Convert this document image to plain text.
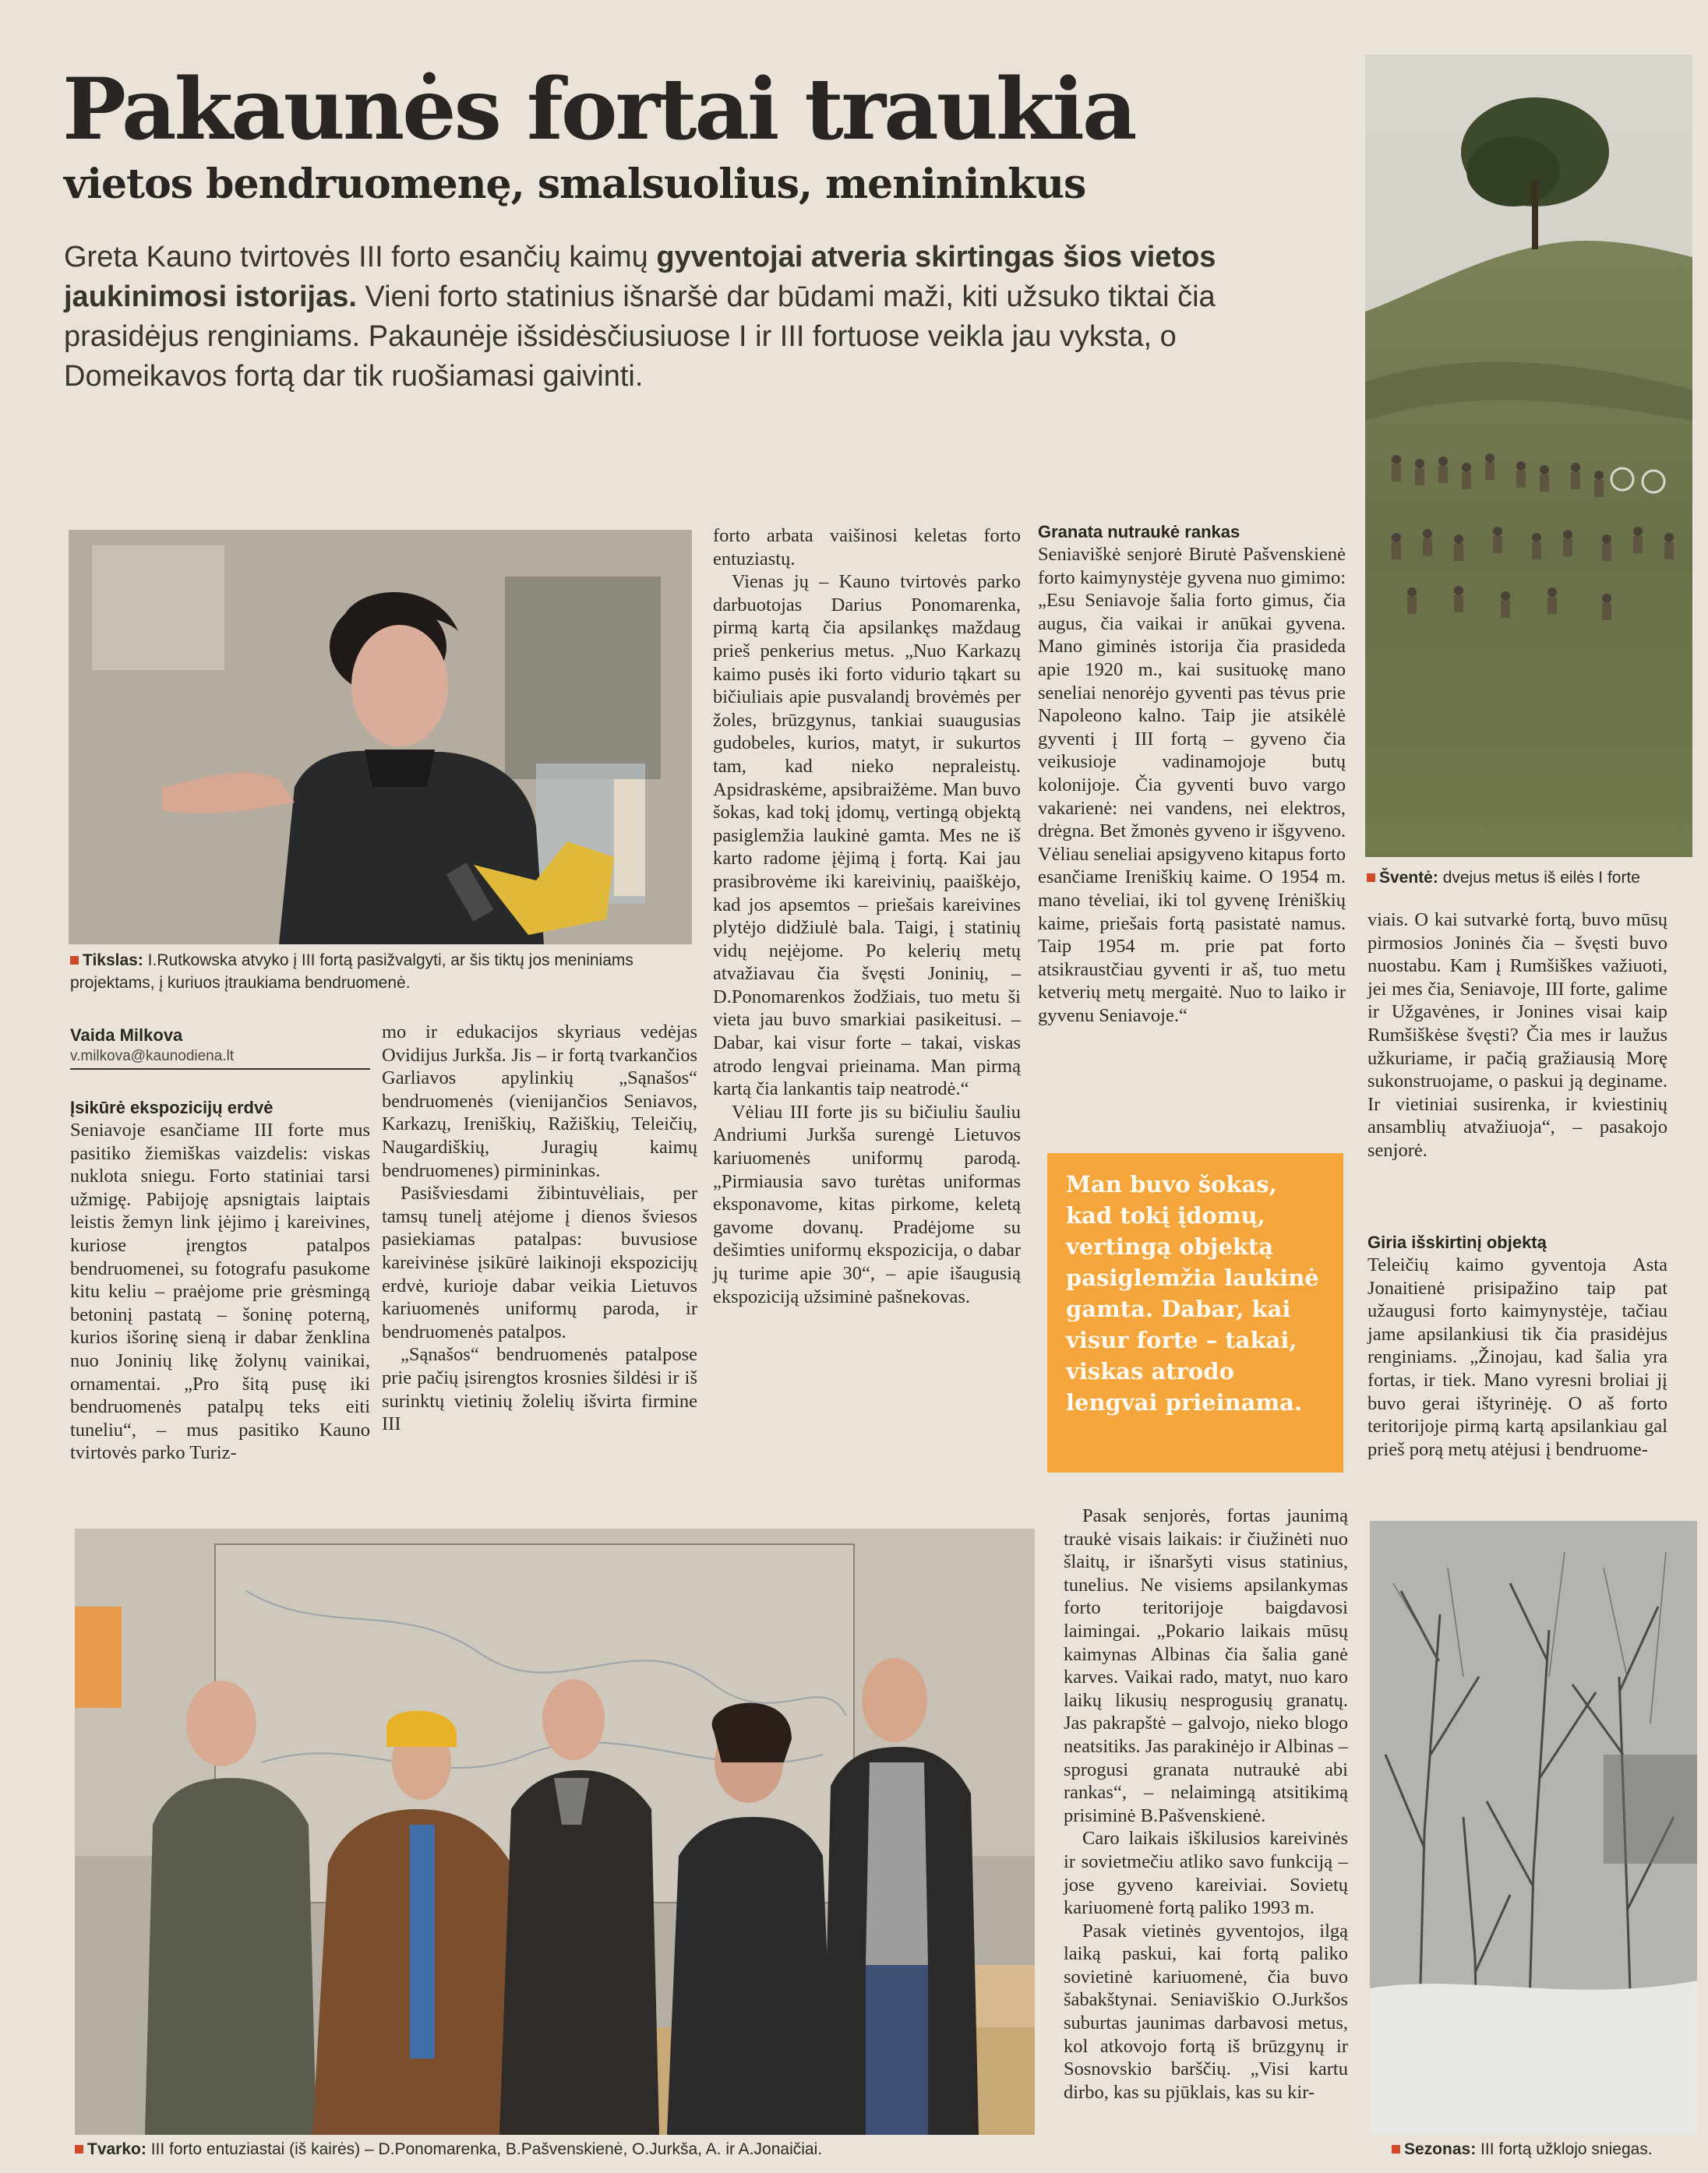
Pakaunės fortai traukia
vietos bendruomenę, smalsuolius, menininkus
Greta Kauno tvirtovės III forto esančių kaimų gyventojai atveria skirtingas šios vietos jaukinimosi istorijas. Vieni forto statinius išnaršė dar būdami maži, kiti užsuko tiktai čia prasidėjus renginiams. Pakaunėje išsidėsčiusiuose I ir III fortuose veikla jau vyksta, o Domeikavos fortą dar tik ruošiamasi gaivinti.
Šventė: dvejus metus iš eilės I forte
Tikslas: I.Rutkowska atvyko į III fortą pasižvalgyti, ar šis tiktų jos meniniams projektams, į kuriuos įtraukiama bendruomenė.
Vaida Milkova
v.milkova@kaunodiena.lt
Įsikūrė ekspozicijų erdvė

Seniavoje esančiame III forte mus pasitiko žiemiškas vaizdelis: viskas nuklota sniegu. Forto statiniai tarsi užmigę. Pabijoję apsnigtais laiptais leistis žemyn link įėjimo į kareivines, kuriose įrengtos patalpos bendruomenei, su fotografu pasukome kitu keliu – praėjome prie grėsmingą betoninį pastatą – šoninę poterną, kurios išorinę sieną ir dabar ženklina nuo Joninių likę žolynų vainikai, ornamentai. „Pro šitą pusę iki bendruomenės patalpų teks eiti tuneliu“, – mus pasitiko Kauno tvirtovės parko Turiz-

mo ir edukacijos skyriaus vedėjas Ovidijus Jurkša. Jis – ir fortą tvarkančios Garliavos apylinkių „Sąnašos“ bendruomenės (vienijančios Seniavos, Karkazų, Ireniškių, Ražiškių, Teleičių, Naugardiškių, Juragių kaimų bendruomenes) pirmininkas.

Pasišviesdami žibintuvėliais, per tamsų tunelį atėjome į dienos šviesos pasiekiamas patalpas: buvusiose kareivinėse įsikūrė laikinoji ekspozicijų erdvė, kurioje dabar veikia Lietuvos kariuomenės uniformų paroda, ir bendruomenės patalpos.

„Sąnašos“ bendruomenės patalpose prie pačių įsirengtos krosnies šildėsi ir iš surinktų vietinių žolelių išvirta firmine III

forto arbata vaišinosi keletas forto entuziastų.

Vienas jų – Kauno tvirtovės parko darbuotojas Darius Ponomarenka, pirmą kartą čia apsilankęs maždaug prieš penkerius metus. „Nuo Karkazų kaimo pusės iki forto vidurio tąkart su bičiuliais apie pusvalandį brovėmės per žoles, brūzgynus, tankiai suaugusias gudobeles, kurios, matyt, ir sukurtos tam, kad nieko nepraleistų. Apsidraskėme, apsibraižėme. Man buvo šokas, kad tokį įdomų, vertingą objektą pasiglemžia laukinė gamta. Mes ne iš karto radome įėjimą į fortą. Kai jau prasibrovėme iki kareivinių, paaiškėjo, kad jos apsemtos – priešais kareivines plytėjo didžiulė bala. Taigi, į statinių vidų neįėjome. Po kelerių metų atvažiavau čia švęsti Joninių, – D.Ponomarenkos žodžiais, tuo metu ši vieta jau buvo smarkiai pasikeitusi. – Dabar, kai visur forte – takai, viskas atrodo lengvai prieinama. Man pirmą kartą čia lankantis taip neatrodė.“

Vėliau III forte jis su bičiuliu šauliu Andriumi Jurkša surengė Lietuvos kariuomenės uniformų parodą. „Pirmiausia savo turėtas uniformas eksponavome, kitas pirkome, keletą gavome dovanų. Pradėjome su dešimties uniformų ekspozicija, o dabar jų turime apie 30“, – apie išaugusią ekspoziciją užsiminė pašnekovas.

Granata nutraukė rankas

Seniaviškė senjorė Birutė Pašvenskienė forto kaimynystėje gyvena nuo gimimo: „Esu Seniavoje šalia forto gimus, čia augus, čia vaikai ir anūkai gyvena. Mano giminės istorija čia prasideda apie 1920 m., kai susituokę mano seneliai nenorėjo gyventi pas tėvus prie Napoleono kalno. Taip jie atsikėlė gyventi į III fortą – gyveno čia veikusioje vadinamojoje butų kolonijoje. Čia gyventi buvo vargo vakarienė: nei vandens, nei elektros, drėgna. Bet žmonės gyveno ir išgyveno. Vėliau seneliai apsigyveno kitapus forto esančiame Ireniškių kaime. O 1954 m. mano tėveliai, iki tol gyvenę Irėniškių kaime, priešais fortą pasistatė namus. Taip 1954 m. prie pat forto atsikraustčiau gyventi ir aš, tuo metu ketverių metų mergaitė. Nuo to laiko ir gyvenu Seniavoje.“

Man buvo šokas, kad tokį įdomų, vertingą objektą pasiglemžia laukinė gamta. Dabar, kai visur forte – takai, viskas atrodo lengvai prieinama.

Pasak senjorės, fortas jaunimą traukė visais laikais: ir čiužinėti nuo šlaitų, ir išnaršyti visus statinius, tunelius. Ne visiems apsilankymas forto teritorijoje baigdavosi laimingai. „Pokario laikais mūsų kaimynas Albinas čia šalia ganė karves. Vaikai rado, matyt, nuo karo laikų likusių nesprogusių granatų. Jas pakrapštė – galvojo, nieko blogo neatsitiks. Jas parakinėjo ir Albinas – sprogusi granata nutraukė abi rankas“, – nelaimingą atsitikimą prisiminė B.Pašvenskienė.

Caro laikais iškilusios kareivinės ir sovietmečiu atliko savo funkciją – jose gyveno kareiviai. Sovietų kariuomenė fortą paliko 1993 m.

Pasak vietinės gyventojos, ilgą laiką paskui, kai fortą paliko sovietinė kariuomenė, čia buvo šabakštynai. Seniaviškio O.Jurkšos suburtas jaunimas darbavosi metus, kol atkovojo fortą iš brūzgynų ir Sosnovskio barščių. „Visi kartu dirbo, kas su pjūklais, kas su kir-

viais. O kai sutvarkė fortą, buvo mūsų pirmosios Joninės čia – švęsti buvo nuostabu. Kam į Rumšiškes važiuoti, jei mes čia, Seniavoje, III forte, galime ir Užgavėnes, ir Jonines visai kaip Rumšiškėse švęsti? Čia mes ir laužus užkuriame, ir pačią gražiausią Morę sukonstruojame, o paskui ją deginame. Ir vietiniai susirenka, ir kviestinių ansamblių atvažiuoja“, – pasakojo senjorė.

Giria išskirtinį objektą

Teleičių kaimo gyventoja Asta Jonaitienė prisipažino taip pat užaugusi forto kaimynystėje, tačiau jame apsilankiusi tik čia prasidėjus renginiams. „Žinojau, kad šalia yra fortas, ir tiek. Mano vyresni broliai jį buvo gerai ištyrinėję. O aš forto teritorijoje pirmą kartą apsilankiau gal prieš porą metų atėjusi į bendruome-

Sezonas: III fortą užklojo sniegas.
Tvarko: III forto entuziastai (iš kairės) – D.Ponomarenka, B.Pašvenskienė, O.Jurkša, A. ir A.Jonaičiai.
